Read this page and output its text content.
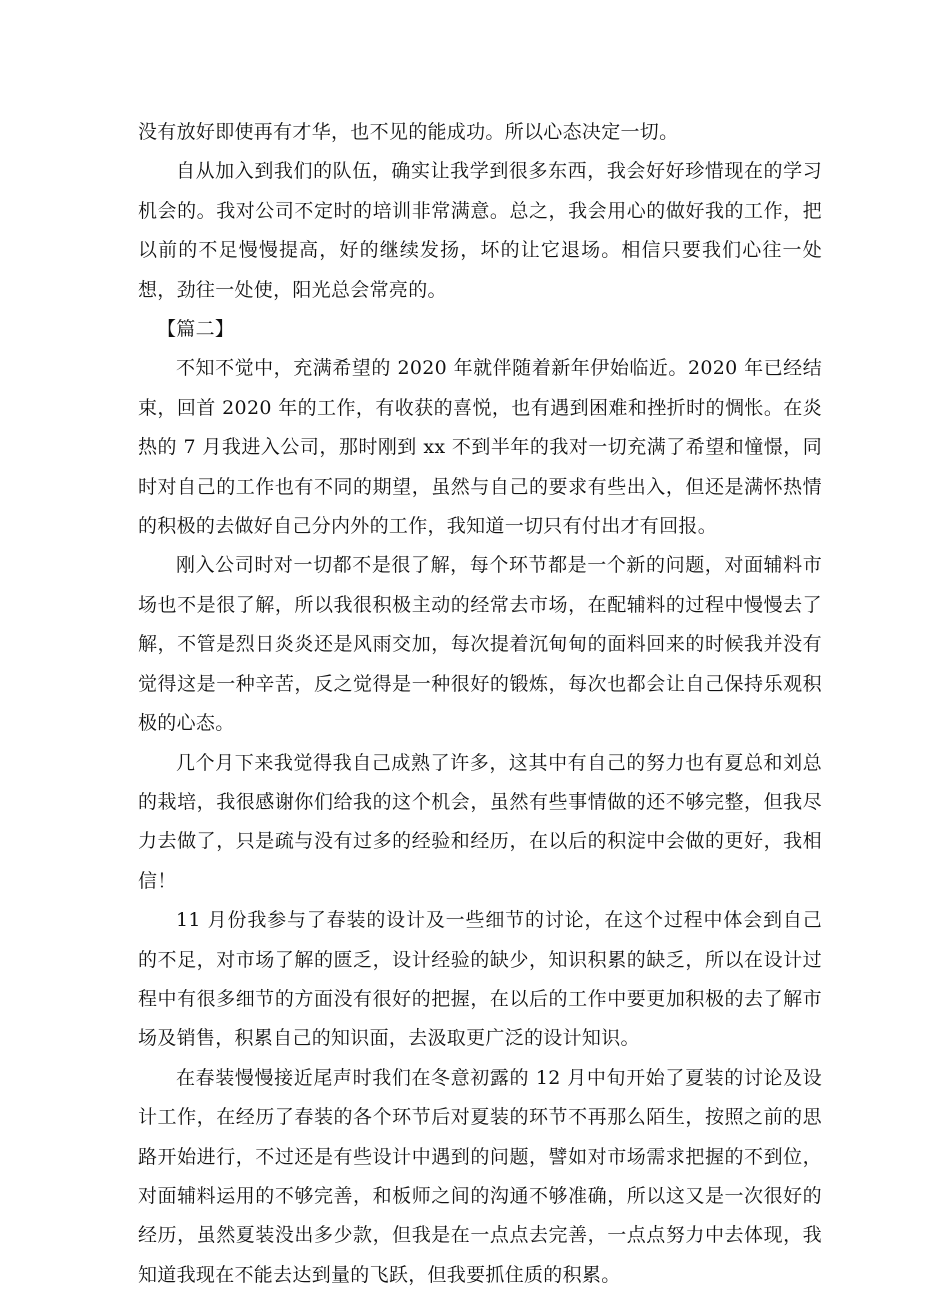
没有放好即使再有才华，也不见的能成功。所以心态决定一切。

自从加入到我们的队伍，确实让我学到很多东西，我会好好珍惜现在的学习机会的。我对公司不定时的培训非常满意。总之，我会用心的做好我的工作，把以前的不足慢慢提高，好的继续发扬，坏的让它退场。相信只要我们心往一处想，劲往一处使，阳光总会常亮的。

【篇二】

不知不觉中，充满希望的 2020 年就伴随着新年伊始临近。2020 年已经结束，回首 2020 年的工作，有收获的喜悦，也有遇到困难和挫折时的惆怅。在炎热的 7 月我进入公司，那时刚到 xx 不到半年的我对一切充满了希望和憧憬，同时对自己的工作也有不同的期望，虽然与自己的要求有些出入，但还是满怀热情的积极的去做好自己分内外的工作，我知道一切只有付出才有回报。

刚入公司时对一切都不是很了解，每个环节都是一个新的问题，对面辅料市场也不是很了解，所以我很积极主动的经常去市场，在配辅料的过程中慢慢去了解，不管是烈日炎炎还是风雨交加，每次提着沉甸甸的面料回来的时候我并没有觉得这是一种辛苦，反之觉得是一种很好的锻炼，每次也都会让自己保持乐观积极的心态。

几个月下来我觉得我自己成熟了许多，这其中有自己的努力也有夏总和刘总的栽培，我很感谢你们给我的这个机会，虽然有些事情做的还不够完整，但我尽力去做了，只是疏与没有过多的经验和经历，在以后的积淀中会做的更好，我相信！

11 月份我参与了春装的设计及一些细节的讨论，在这个过程中体会到自己的不足，对市场了解的匮乏，设计经验的缺少，知识积累的缺乏，所以在设计过程中有很多细节的方面没有很好的把握，在以后的工作中要更加积极的去了解市场及销售，积累自己的知识面，去汲取更广泛的设计知识。

在春装慢慢接近尾声时我们在冬意初露的 12 月中旬开始了夏装的讨论及设计工作，在经历了春装的各个环节后对夏装的环节不再那么陌生，按照之前的思路开始进行，不过还是有些设计中遇到的问题，譬如对市场需求把握的不到位，对面辅料运用的不够完善，和板师之间的沟通不够准确，所以这又是一次很好的经历，虽然夏装没出多少款，但我是在一点点去完善，一点点努力中去体现，我知道我现在不能去达到量的飞跃，但我要抓住质的积累。
